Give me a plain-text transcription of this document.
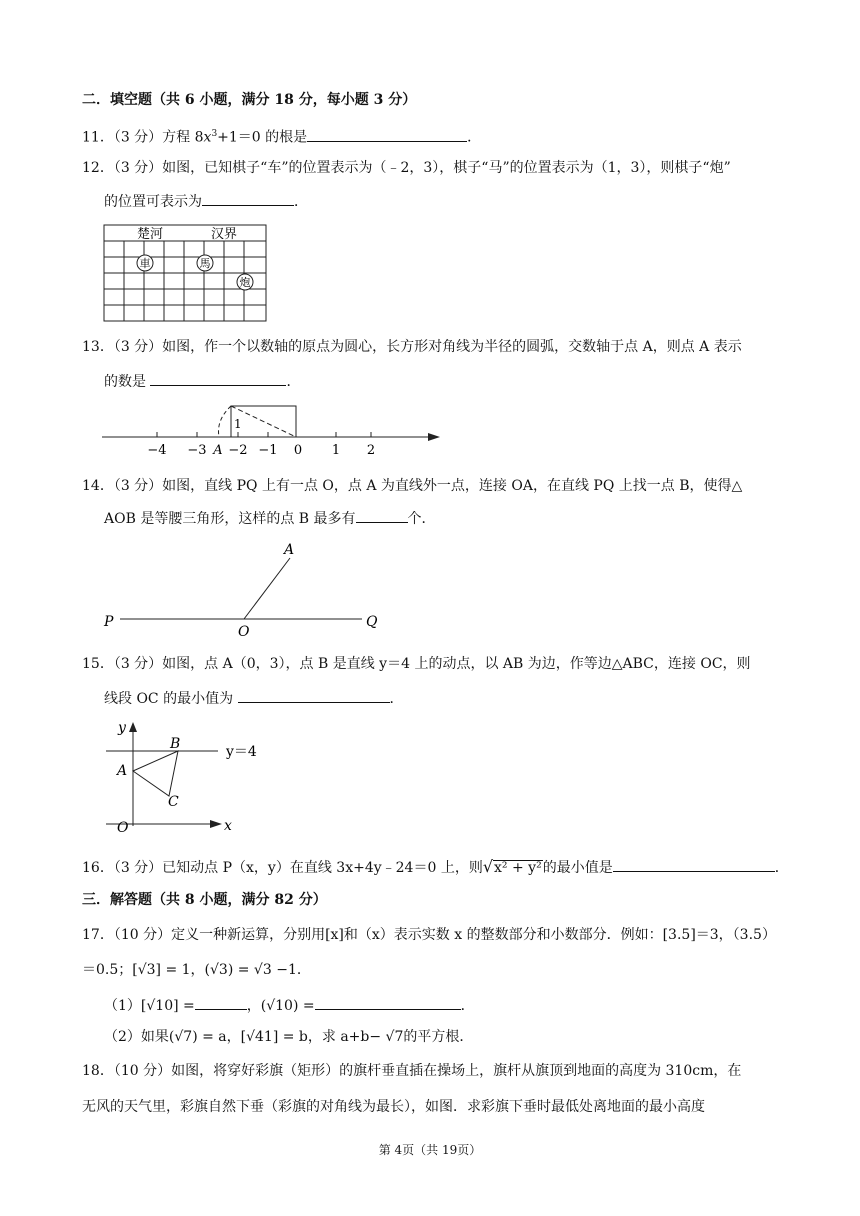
二．填空题（共 6 小题，满分 18 分，每小题 3 分）
11．（3 分）方程 $8x^3+1=0$ 的根是	．
12．（3 分）如图，已知棋子“车”的位置表示为（﹣2，3），棋子“马”的位置表示为（1，3），则棋子“炮”
的位置可表示为	．
楚河	汉界
車	馬
炮
13．（3 分）如图，作一个以数轴的原点为圆心，长方形对角线为半径的圆弧，交数轴于点 A，则点 A 表示
的数是	．
1
−4 −3 A −2 −1 0 1 2
14．（3 分）如图，直线 PQ 上有一点 O，点 A 为直线外一点，连接 OA，在直线 PQ 上找一点 B，使得△
AOB 是等腰三角形，这样的点 B 最多有	个．
P
O
Q
A
15．（3 分）如图，点 A（0，3），点 B 是直线 y＝4 上的动点，以 AB 为边，作等边△ABC，连接 OC，则
线段 OC 的最小值为	．
y
x
O
A
B
C
y＝4
16．（3 分）已知动点 P（x，y）在直线 3x+4y﹣24＝0 上，则√x² + y²的最小值是	．
三．解答题（共 8 小题，满分 82 分）
17．（10 分）定义一种新运算，分别用[x]和（x）表示实数 x 的整数部分和小数部分．例如：[3.5]＝3，（3.5）
＝0.5；[√3] = 1，(√3) = √3 −1．
（1）[√10] =	，(√10) =	．
（2）如果(√7) = a，[√41] = b，求 a+b− √7的平方根．
18．（10 分）如图，将穿好彩旗（矩形）的旗杆垂直插在操场上，旗杆从旗顶到地面的高度为 310cm，在
无风的天气里，彩旗自然下垂（彩旗的对角线为最长），如图．求彩旗下垂时最低处离地面的最小高度
第 4页（共 19页）
